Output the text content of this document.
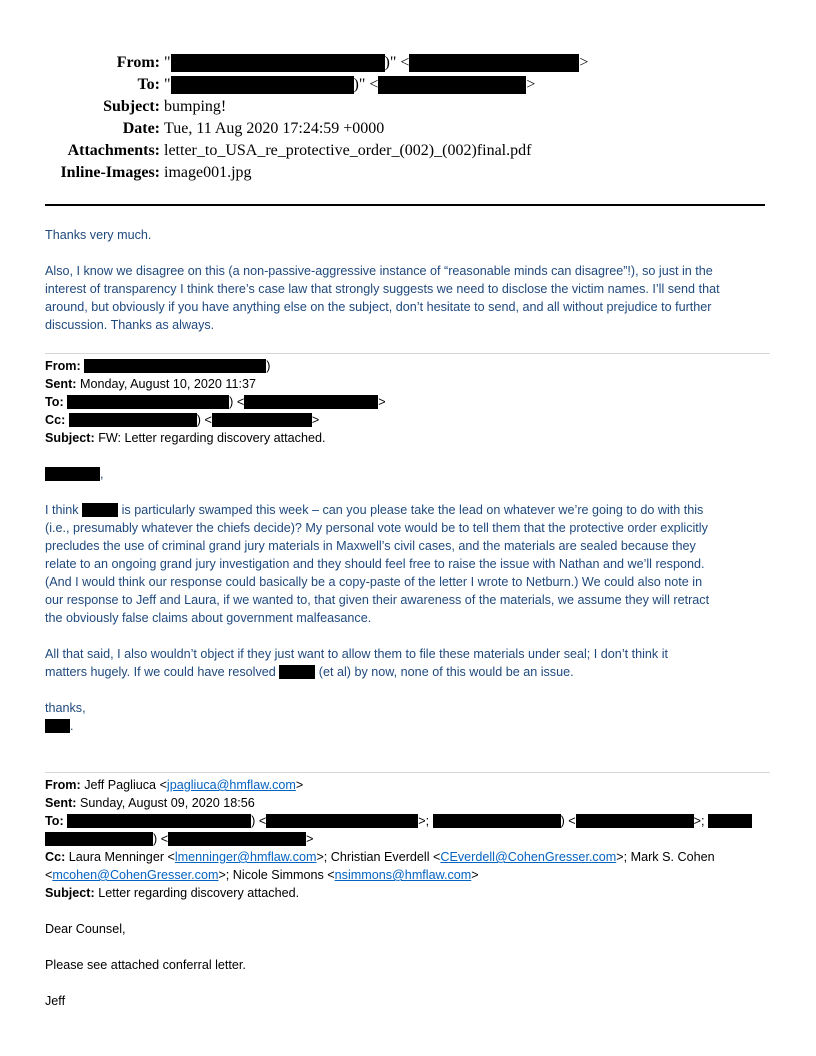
From: "	)" <	>
To: "	)" <	>
Subject: bumping!
Date: Tue, 11 Aug 2020 17:24:59 +0000
Attachments: letter_to_USA_re_protective_order_(002)_(002)final.pdf
Inline-Images: image001.jpg
Thanks very much.
Also, I know we disagree on this (a non-passive-aggressive instance of “reasonable minds can disagree”!), so just in the
interest of transparency I think there’s case law that strongly suggests we need to disclose the victim names. I’ll send that
around, but obviously if you have anything else on the subject, don’t hesitate to send, and all without prejudice to further
discussion. Thanks as always.
From:	)
Sent: Monday, August 10, 2020 11:37
To:	) <	>
Cc:	) <	>
Subject: FW: Letter regarding discovery attached.
,
I think	is particularly swamped this week – can you please take the lead on whatever we’re going to do with this
(i.e., presumably whatever the chiefs decide)? My personal vote would be to tell them that the protective order explicitly
precludes the use of criminal grand jury materials in Maxwell’s civil cases, and the materials are sealed because they
relate to an ongoing grand jury investigation and they should feel free to raise the issue with Nathan and we’ll respond.
(And I would think our response could basically be a copy-paste of the letter I wrote to Netburn.) We could also note in
our response to Jeff and Laura, if we wanted to, that given their awareness of the materials, we assume they will retract
the obviously false claims about government malfeasance.
All that said, I also wouldn’t object if they just want to allow them to file these materials under seal; I don’t think it
matters hugely. If we could have resolved	(et al) by now, none of this would be an issue.
thanks,
.
From: Jeff Pagliuca <jpagliuca@hmflaw.com>
Sent: Sunday, August 09, 2020 18:56
To:	) <	>;	) <	>;
) <	>
Cc: Laura Menninger <lmenninger@hmflaw.com>; Christian Everdell <CEverdell@CohenGresser.com>; Mark S. Cohen
<mcohen@CohenGresser.com>; Nicole Simmons <nsimmons@hmflaw.com>
Subject: Letter regarding discovery attached.
Dear Counsel,
Please see attached conferral letter.
Jeff
